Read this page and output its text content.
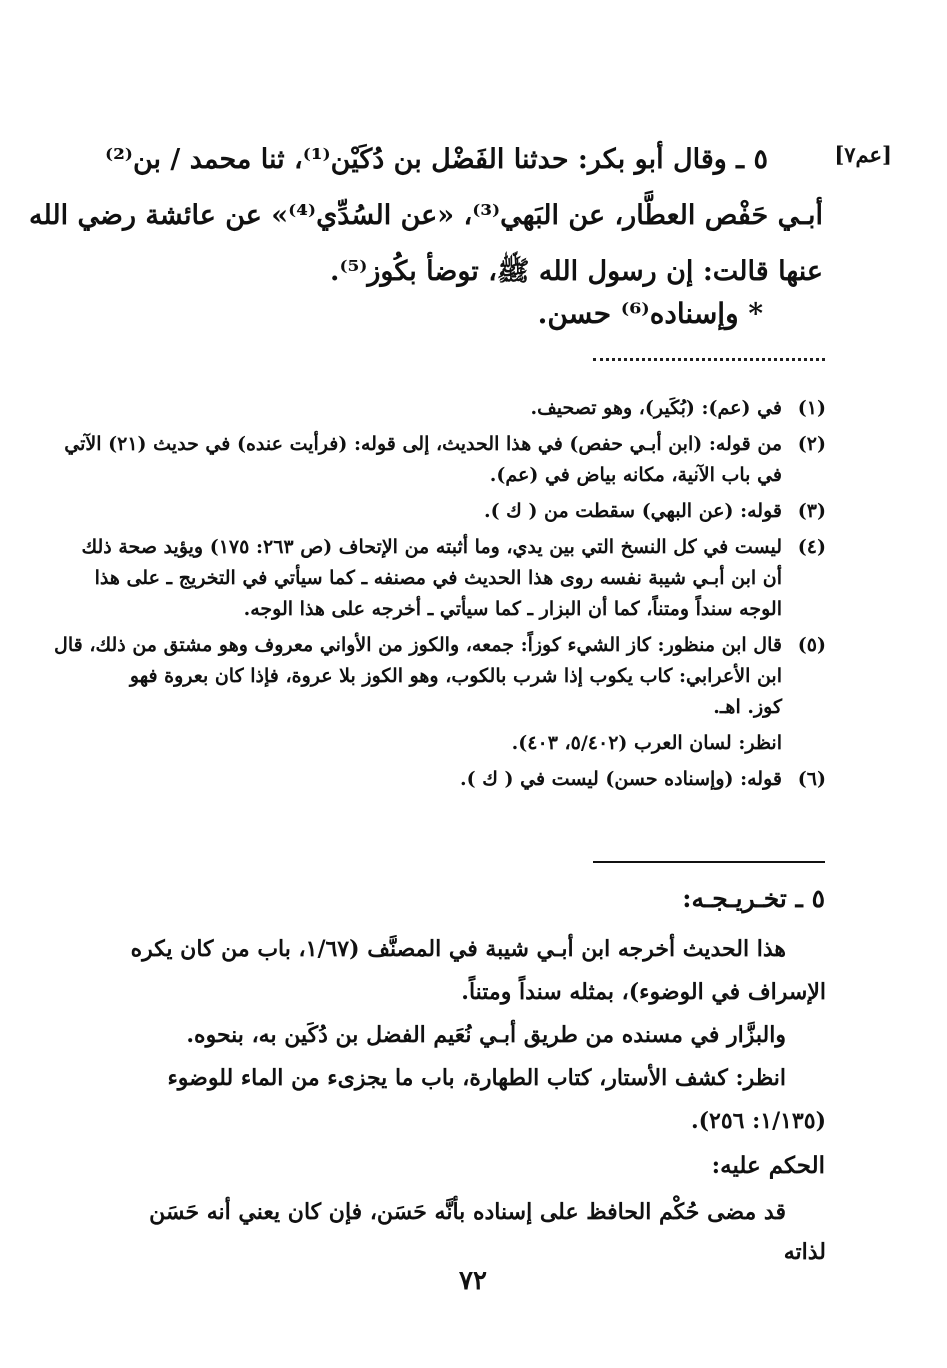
[عم٧]
٥ ـ وقال أبو بكر: حدثنا الفَضْل بن دُكَيْن⁽¹⁾، ثنا محمد / بن⁽²⁾
أبـي حَفْص العطَّار، عن البَهي⁽³⁾، «عن السُدِّي⁽⁴⁾» عن عائشة رضي الله
عنها قالت: إن رسول الله ﷺ، توضأ بكُوز⁽⁵⁾.
* وإسناده⁽⁶⁾ حسن.
(١)
في (عم): (بُكَير)، وهو تصحيف.
(٢)
من قوله: (ابن أبـي حفص) في هذا الحديث، إلى قوله: (فرأيت عنده) في حديث (٢١) الآتي
في باب الآنية، مكانه بياض في (عم).
(٣)
قوله: (عن البهي) سقطت من ( ك ).
(٤)
ليست في كل النسخ التي بين يدي، وما أثبته من الإتحاف (ص ٢٦٣: ١٧٥) ويؤيد صحة ذلك
أن ابن أبـي شيبة نفسه روى هذا الحديث في مصنفه ـ كما سيأتي في التخريج ـ على هذا
الوجه سنداً ومتناً، كما أن البزار ـ كما سيأتي ـ أخرجه على هذا الوجه.
(٥)
قال ابن منظور: كاز الشيء كوزاً: جمعه، والكوز من الأواني معروف وهو مشتق من ذلك، قال
ابن الأعرابي: كاب يكوب إذا شرب بالكوب، وهو الكوز بلا عروة، فإذا كان بعروة فهو
كوز. اهـ.
انظر: لسان العرب (٥/٤٠٢، ٤٠٣).
(٦)
قوله: (وإسناده حسن) ليست في ( ك ).
٥ ـ تخـريـجـه:
هذا الحديث أخرجه ابن أبـي شيبة في المصنَّف (١/٦٧، باب من كان يكره
الإسراف في الوضوء)، بمثله سنداً ومتناً.
والبزَّار في مسنده من طريق أبـي نُعَيم الفضل بن دُكَين به، بنحوه.
انظر: كشف الأستار، كتاب الطهارة، باب ما يجزىء من الماء للوضوء
(١/١٣٥: ٢٥٦).
الحكم عليه:
قد مضى حُكْم الحافظ على إسناده بأنَّه حَسَن، فإن كان يعني أنه حَسَن لذاته
٧٢
